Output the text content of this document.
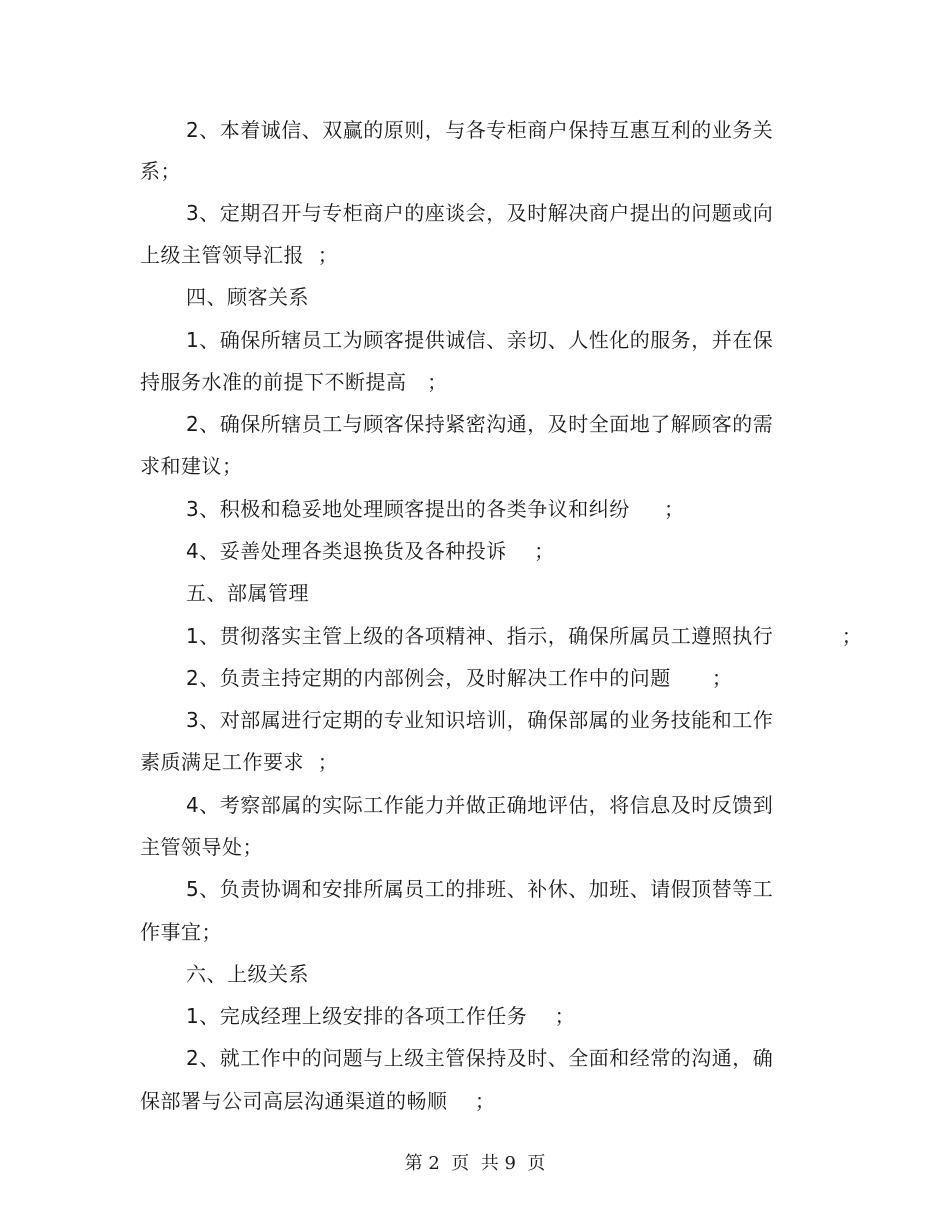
2、本着诚信、双赢的原则，与各专柜商户保持互惠互利的业务关
系；
3、定期召开与专柜商户的座谈会，及时解决商户提出的问题或向
上级主管领导汇报  ；
四、顾客关系
1、确保所辖员工为顾客提供诚信、亲切、人性化的服务，并在保
持服务水准的前提下不断提高   ；
2、确保所辖员工与顾客保持紧密沟通，及时全面地了解顾客的需
求和建议；
3、积极和稳妥地处理顾客提出的各类争议和纠纷     ；
4、妥善处理各类退换货及各种投诉    ；
五、部属管理
1、贯彻落实主管上级的各项精神、指示，确保所属员工遵照执行          ；
2、负责主持定期的内部例会，及时解决工作中的问题      ；
3、对部属进行定期的专业知识培训，确保部属的业务技能和工作
素质满足工作要求  ；
4、考察部属的实际工作能力并做正确地评估，将信息及时反馈到
主管领导处；
5、负责协调和安排所属员工的排班、补休、加班、请假顶替等工
作事宜；
六、上级关系
1、完成经理上级安排的各项工作任务    ；
2、就工作中的问题与上级主管保持及时、全面和经常的沟通，确
保部署与公司高层沟通渠道的畅顺    ；
第 2  页  共 9  页
